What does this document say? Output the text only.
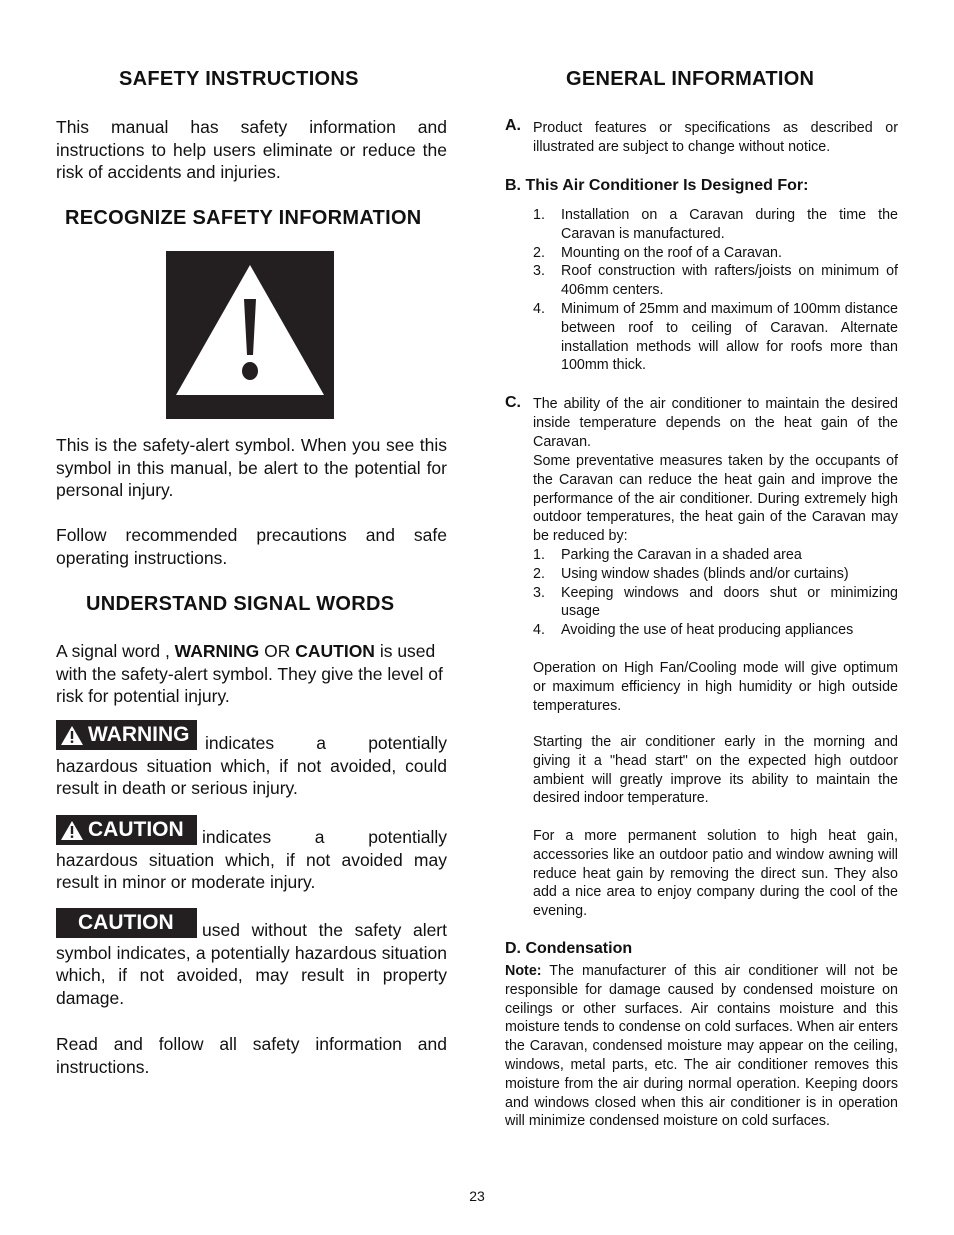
SAFETY INSTRUCTIONS
This manual has safety information and instructions to help users eliminate or reduce the risk of accidents and injuries.
RECOGNIZE SAFETY INFORMATION
This is the safety-alert symbol. When you see this symbol in this manual, be alert to the potential for personal injury.
Follow recommended precautions and safe operating instructions.
UNDERSTAND SIGNAL WORDS
A signal word , WARNING OR CAUTION is used with the safety-alert symbol. They give the level of risk for potential injury.
WARNING indicates a potentially hazardous situation which, if not avoided, could result in death or serious injury.
CAUTION	indicates a potentially hazardous situation which, if not avoided may result in minor or moderate injury.
CAUTION	used without the safety alert symbol indicates, a potentially hazardous situation which, if not avoided, may result in property damage.
Read and follow all safety information and instructions.
GENERAL INFORMATION
A. Product features or specifications as described or illustrated are subject to change without notice.
B. This Air Conditioner Is Designed For:
1. Installation on a Caravan during the time the Caravan is manufactured.
2. Mounting on the roof of a Caravan.
3. Roof construction with rafters/joists on minimum of 406mm centers.
4. Minimum of 25mm and maximum of 100mm distance between roof to ceiling of Caravan. Alternate installation methods will allow for roofs more than 100mm thick.
C. The ability of the air conditioner to maintain the desired inside temperature depends on the heat gain of the Caravan.
Some preventative measures taken by the occupants of the Caravan can reduce the heat gain and improve the performance of the air conditioner. During extremely high outdoor temperatures, the heat gain of the Caravan may be reduced by:
1. Parking the Caravan in a shaded area
2. Using window shades (blinds and/or curtains)
3. Keeping windows and doors shut or minimizing usage
4. Avoiding the use of heat producing appliances
Operation on High Fan/Cooling mode will give optimum or maximum efficiency in high humidity or high outside temperatures.
Starting the air conditioner early in the morning and giving it a "head start" on the expected high outdoor ambient will greatly improve its ability to maintain the desired indoor temperature.
For a more permanent solution to high heat gain, accessories like an outdoor patio and window awning will reduce heat gain by removing the direct sun. They also add a nice area to enjoy company during the cool of the evening.
D. Condensation
Note: The manufacturer of this air conditioner will not be responsible for damage caused by condensed moisture on ceilings or other surfaces. Air contains moisture and this moisture tends to condense on cold surfaces. When air enters the Caravan, condensed moisture may appear on the ceiling, windows, metal parts, etc. The air conditioner removes this moisture from the air during normal operation. Keeping doors and windows closed when this air conditioner is in operation will minimize condensed moisture on cold surfaces.
23
